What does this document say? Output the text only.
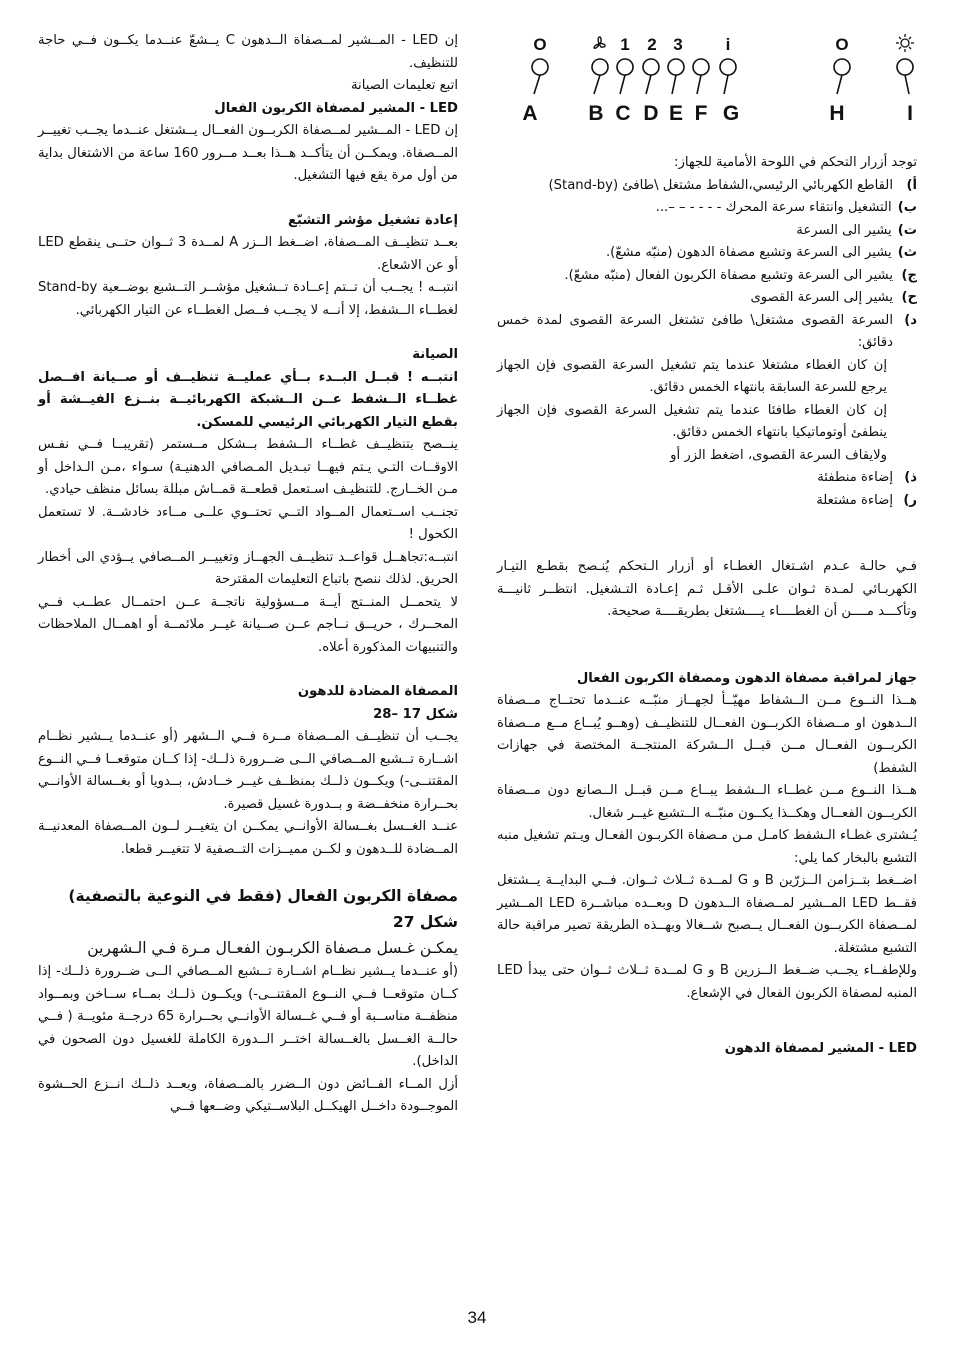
O	1 2 3	i	O
A B C D E F G	H	I

توجد أزرار التحكم في اللوحة الأمامية للجهاز:

أ)
القاطع الكهربائي الرئيسي،الشفاط مشتغل \طافئ (Stand-by)
ب)
التشغيل وانتقاء سرعة المحرك - - - - – –...
ت)
يشير الى السرعة
ث)
يشير الى السرعة وتشبع مصفاة الدهون (منبّه مشعّ).
ج)
يشير الى السرعة وتشبع مصفاة الكربون الفعال (منبّه مشعّ).
ح)
يشير إلى السرعة القصوى
د)
السرعة القصوى مشتغل\ طافئ تشتغل السرعة القصوى لمدة خمس دقائق:

إن كان الغطاء مشتغلا عندما يتم تشغيل السرعة القصوى فإن الجهاز يرجع للسرعة السابقة بانتهاء الخمس دقائق.

إن كان الغطاء طافئا عندما يتم تشغيل السرعة القصوى فإن الجهاز ينطفئ أوتوماتيكيا بانتهاء الخمس دقائق.

ولايقاف السرعة القصوى، اضغط الزر أو

ذ)
إضاءة منطفئة
ر)
إضاءة مشتعلة

فـي حالـة عـدم اشـتغال الغطـاء أو أزرار الـتحكم يُنـصح بقطـع التيـار الكهربـائي لمـدة ثـوان علـى الأقـل ثـم إعـادة التـشغيل. انتظــر ثانيـــة وتأكـــد مــــن أن الغطــــاء يــــشتغل بطريقــــة صحيحة.

جهاز لمراقبة مصفاة الدهون ومصفاة الكربون الفعال

هــذا النــوع مــن الــشفاط مهيّــأ لجهــاز منبّــه عنــدما تحتــاج مــصفاة الــدهون او مــصفاة الكربــون الفعــال للتنظيــف (وهــو يُبــاع مــع مــصفاة الكربــون الفعــال مــن قبــل الــشركة المنتجــة المختصة في جهازات الشفط)

هــذا النــوع مــن غطــاء الــشفط يبــاع مــن قبــل الــصانع دون مــصفاة الكربــون الفعــال وهكــذا يكــون منبّــه الــتشبع غيــر شغال.

يُـشترى غطـاء الـشفط كامـل مـن مـصفاة الكربـون الفعـال ويـتم تشغيل منبه التشبع بالبخار كما يلي:

اضــغط بتــزامن الــزرّين B و G لمــدة ثــلاث ثــوان. فــي البدايــة يــشتغل فقــط LED المــشير لمــصفاة الــدهون D وبعــده مباشــرة LED المــشير لمــصفاة الكربــون الفعــال يــصبح شــغالا وبهــذه الطريقة تصير مراقبة حالة التشبع مشتغلة.

وللإطفــاء يجــب ضــغط الــزرين B و G لمــدة ثــلاث ثــوان حتى يبدأ LED المنبه لمصفاة الكربون الفعال في الإشعاع.

LED - المشير لمصفاة الدهون

إن LED - المــشير لمــصفاة الــدهون C يــشعّ عنــدما يكــون فــي حاجة للتنظيف.

اتبع تعليمات الصيانة

LED - المشير لمصفاة الكربون الفعال

إن LED - المــشير لمــصفاة الكربــون الفعــال يــشتغل عنــدما يجــب تغييــر المــصفاة. ويمكــن أن يتأكــد هــذا بعــد مــرور 160 ساعة من الاشتغال بداية من أول مرة يقع فيها التشغيل.

إعادة تشغيل مؤشر التشبّع

بعــد تنظيــف المــصفاة، اضــغط الــزر A لمــدة 3 ثــوان حتــى ينقطع LED أو عن الاشعاع.

انتبــه ! يجــب أن تــتم إعــادة تــشغيل مؤشــر التــشبع بوضــعية Stand-by لغطــاء الــشفط، إلا أنــه لا يجــب فــصل الغطــاء عن التيار الكهربائي.

الصيانة

انتبــه ! قبــل البــدء بــأي عمليــة تنظيــف أو صــيانة افــصل غطــاء الــشفط عــن الــشبكة الكهربائيــة بنــزع الفيــشة أو بقطع التيار الكهربائي الرئيسي للمسكن.

ينــصح بتنظيــف غطــاء الــشفط بــشكل مــستمر (تقريبــا فــي نفـس الاوقــات التـي يـتم فيهــا تبـديل المـصافي الدهنيـة) سـواء ،مـن الـداخل أو مـن الخــارج. للتنظيـف اسـتعمل قطعــة قمــاش مبللة بسائل منظف حيادي.

تجنــب اســتعمال المــواد التــي تحتــوي علــى مــاءد خادشــة. لا تستعمل الكحول !

انتبــه:تجاهــل قواعــد تنظيــف الجهــاز وتغييــر المــصافي يــؤدي الى أخطار الحريق. لذلك ننصح باتباع التعليمات المقترحة

لا يتحمــل المنــتج أيــة مــسؤولية ناتجــة عــن احتمــال عطــب فــي المحــرك ، حريــق نــاجم عــن صــيانة غيــر ملائمــة أو اهمــال الملاحظات والتنبيهات المذكورة أعلاه.

المصفاة المضادة للدهون

شكل 17 –28

يجــب أن تنظيــف المــصفاة مــرة فــي الــشهر (أو عنــدما يــشير نظــام اشــارة تــشبع المــصافي الــى ضــرورة ذلــك- إذا كــان متوقعــا فــي النــوع المقتنــى-) ويكــون ذلــك بمنظــف غيــر خــادش، بــدويا أو بغــسالة الأوانــي بحــرارة منخفــضة و بــدورة غسيل قصيرة.

عنــد الغــسل بغــسالة الأوانــي يمكــن ان يتغيــر لــون المــصفاة المعدنيــة المــضادة للــدهون و لكــن مميــزات التــصفية لا تتغيــر قطعا.

مصفاة الكربون الفعال (فقط في النوعية بالتصفية)

شكل 27

يمكـن غـسل مـصفاة الكربـون الفعـال مـرة فـي الـشهرين

(أو عنــدما يــشير نظــام اشــارة تــشبع المــصافي الــى ضــرورة ذلــك- إذا كــان متوقعــا فــي النــوع المقتنــى-) ويكــون ذلــك بمــاء ســاخن وبمــواد منظفــة مناســبة أو فــي غــسالة الأوانــي بحــرارة 65 درجــة مئويــة ( فــي حالــة الغــسل بالغــسالة اختــر الــدورة الكاملة للغسيل دون الصحون في الداخل).

أزل المــاء الفــائض دون الــضرر بالمــصفاة، وبعــد ذلــك انــزع الحــشوة الموجــودة داخــل الهيكــل البلاســتيكي وضــعها فــي

34
